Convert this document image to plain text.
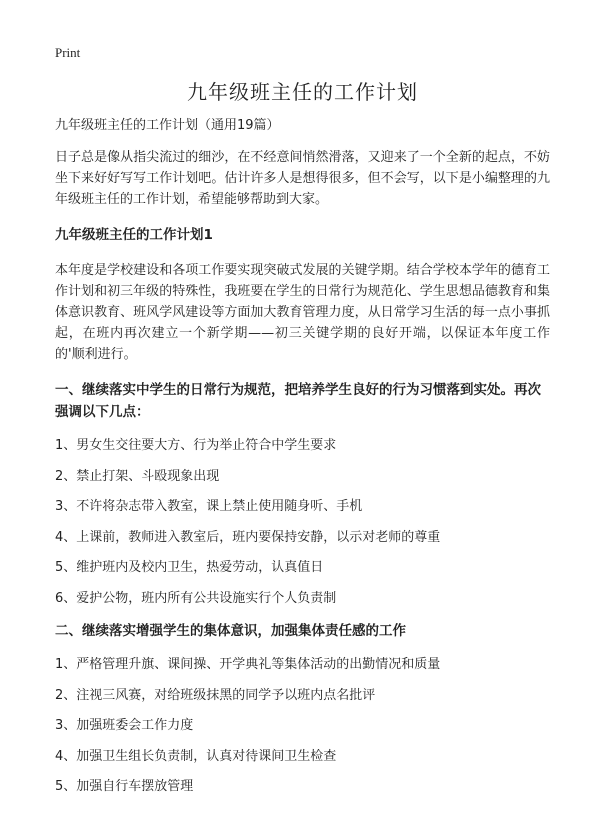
Print
九年级班主任的工作计划

九年级班主任的工作计划（通用19篇）

日子总是像从指尖流过的细沙，在不经意间悄然滑落，又迎来了一个全新的起点，不妨坐下来好好写写工作计划吧。估计许多人是想得很多，但不会写，以下是小编整理的九年级班主任的工作计划，希望能够帮助到大家。

九年级班主任的工作计划1

本年度是学校建设和各项工作要实现突破式发展的关键学期。结合学校本学年的德育工作计划和初三年级的特殊性，我班要在学生的日常行为规范化、学生思想品德教育和集体意识教育、班风学风建设等方面加大教育管理力度，从日常学习生活的每一点小事抓起，在班内再次建立一个新学期——初三关键学期的良好开端，以保证本年度工作的'顺利进行。

一、继续落实中学生的日常行为规范，把培养学生良好的行为习惯落到实处。再次强调以下几点：

1、男女生交往要大方、行为举止符合中学生要求

2、禁止打架、斗殴现象出现

3、不许将杂志带入教室，课上禁止使用随身听、手机

4、上课前，教师进入教室后，班内要保持安静，以示对老师的尊重

5、维护班内及校内卫生，热爱劳动，认真值日

6、爱护公物，班内所有公共设施实行个人负责制

二、继续落实增强学生的集体意识，加强集体责任感的工作

1、严格管理升旗、课间操、开学典礼等集体活动的出勤情况和质量

2、注视三风赛，对给班级抹黑的同学予以班内点名批评

3、加强班委会工作力度

4、加强卫生组长负责制，认真对待课间卫生检查

5、加强自行车摆放管理
